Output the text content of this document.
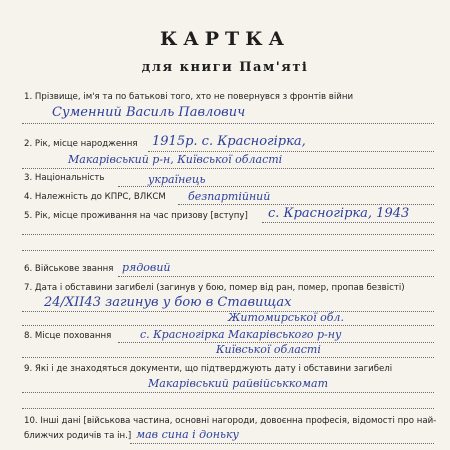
КАРТКА
для книги Пам'яті
1. Прізвище, ім'я та по батькові того, хто не повернувся з фронтів війни
Суменний Василь Павлович
2. Рік, місце народження 1915р. с. Красногірка,
Макарівський р-н, Київської області
3. Національність	українець
4. Належність до КПРС, ВЛКСМ безпартійний
5. Рік, місце проживання на час призову [вступу] с. Красногірка, 1943
6. Військове звання рядовий
7. Дата і обставини загибелі (загинув у бою, помер від ран, помер, пропав безвісті)
24/XII43 загинув у бою в Ставищах
Житомирської обл.
8. Місце поховання	с. Красногірка Макарівського р-ну
Київської області
9. Які і де знаходяться документи, що підтверджують дату і обставини загибелі
Макарівський райвійськкомат
10. Інші дані [військова частина, основні нагороди, довоєнна професія, відомості про най-
ближчих родичів та ін.] мав сина і доньку
